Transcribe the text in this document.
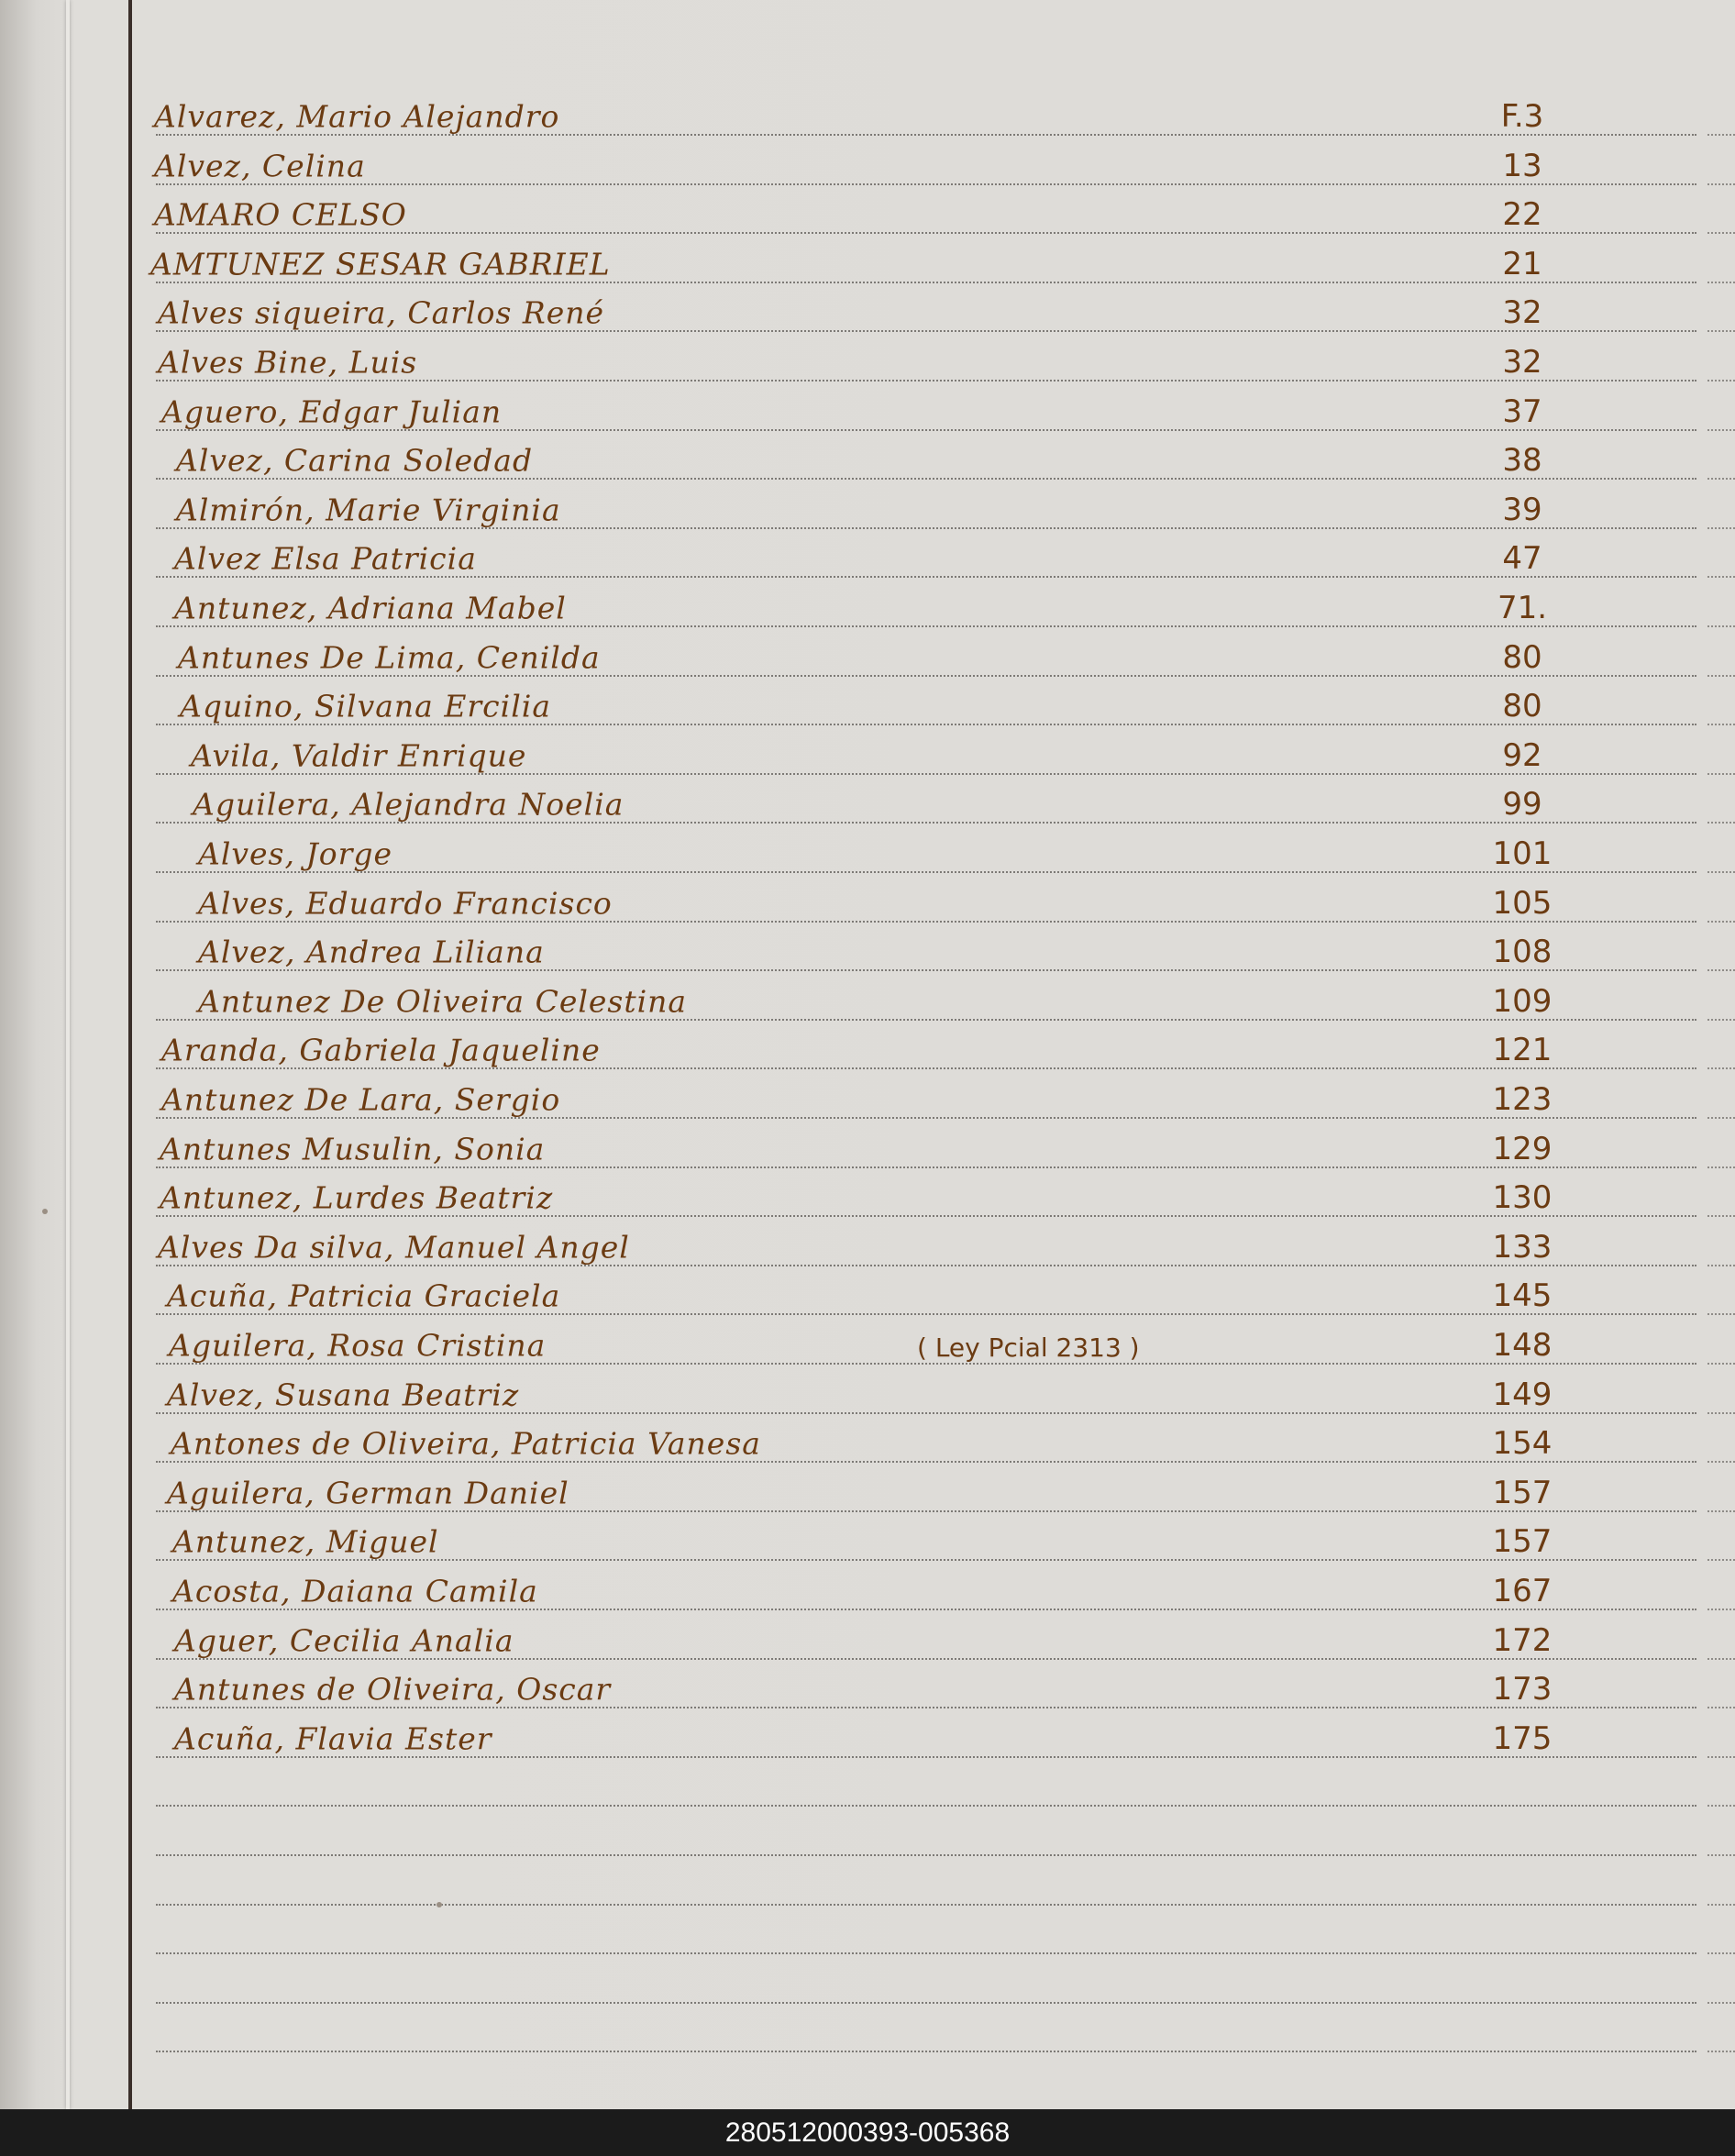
Alvarez, Mario Alejandro	F.3
Alvez, Celina	13
AMARO CELSO	22
AMTUNEZ SESAR GABRIEL	21
Alves siqueira, Carlos René	32
Alves Bine, Luis	32
Aguero, Edgar Julian	37
Alvez, Carina Soledad	38
Almirón, Marie Virginia	39
Alvez Elsa Patricia	47
Antunez, Adriana Mabel	71.
Antunes De Lima, Cenilda	80
Aquino, Silvana Ercilia	80
Avila, Valdir Enrique	92
Aguilera, Alejandra Noelia	99
Alves, Jorge	101
Alves, Eduardo Francisco	105
Alvez, Andrea Liliana	108
Antunez De Oliveira Celestina	109
Aranda, Gabriela Jaqueline	121
Antunez De Lara, Sergio	123
Antunes Musulin, Sonia	129
Antunez, Lurdes Beatriz	130
Alves Da silva, Manuel Angel	133
Acuña, Patricia Graciela	145
Aguilera, Rosa Cristina	( Ley Pcial 2313 )	148
Alvez, Susana Beatriz	149
Antones de Oliveira, Patricia Vanesa	154
Aguilera, German Daniel	157
Antunez, Miguel	157
Acosta, Daiana Camila	167
Aguer, Cecilia Analia	172
Antunes de Oliveira, Oscar	173
Acuña, Flavia Ester	175
280512000393-005368
